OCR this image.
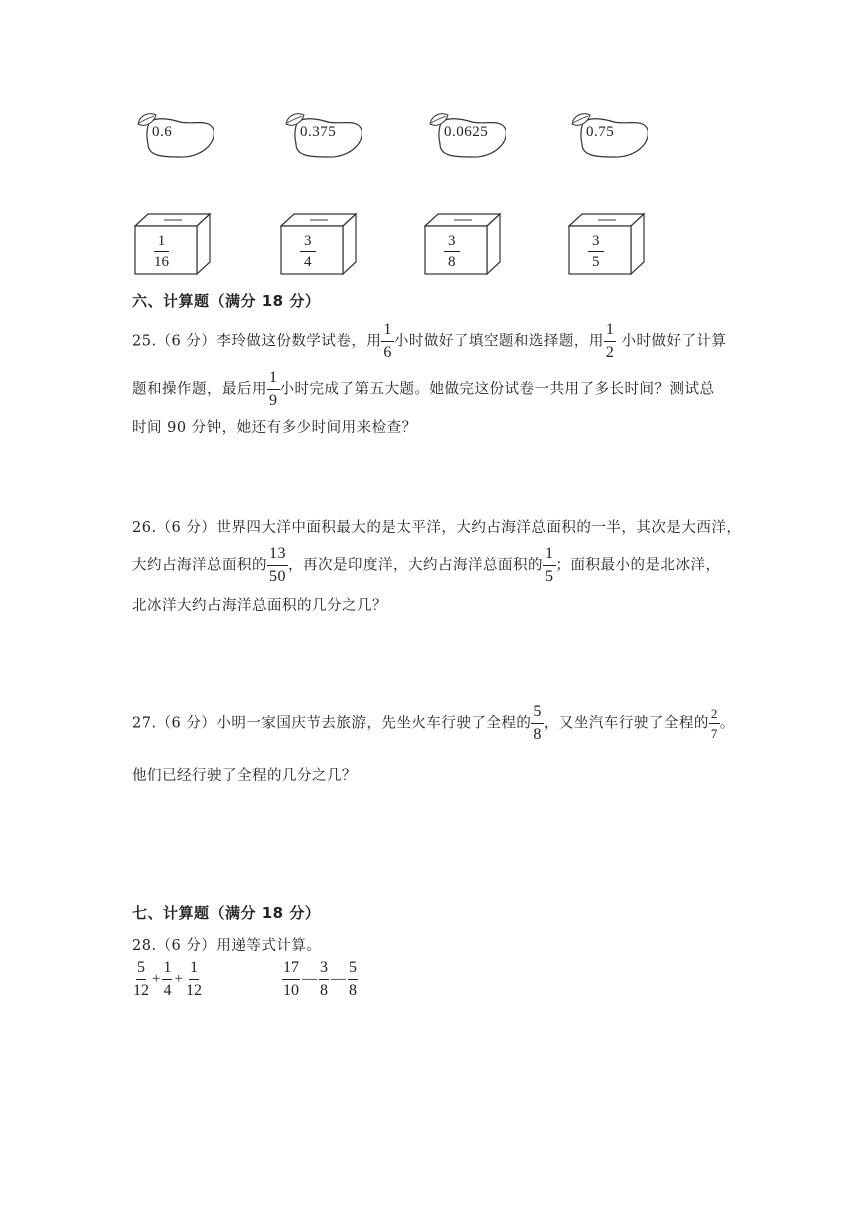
0.6	0.375	0.0625	0.75
$\frac{1}{16}$	$\frac{3}{4}$	$\frac{3}{8}$	$\frac{3}{5}$
六、计算题（满分 18 分）
25.（6 分）李玲做这份数学试卷，用 $\frac{1}{6}$ 小时做好了填空题和选择题，用 $\frac{1}{2}$ 小时做好了计算
题和操作题，最后用 $\frac{1}{9}$ 小时完成了第五大题。她做完这份试卷一共用了多长时间？测试总
时间 90 分钟，她还有多少时间用来检查？
26.（6 分）世界四大洋中面积最大的是太平洋，大约占海洋总面积的一半，其次是大西洋，
大约占海洋总面积的 $\frac{13}{50}$ ，再次是印度洋，大约占海洋总面积的 $\frac{1}{5}$ ；面积最小的是北冰洋，
北冰洋大约占海洋总面积的几分之几？
27.（6 分）小明一家国庆节去旅游，先坐火车行驶了全程的 $\frac{5}{8}$ ，又坐汽车行驶了全程的 $\frac{2}{7}$ 。
他们已经行驶了全程的几分之几？
七、计算题（满分 18 分）
28.（6 分）用递等式计算。
$\frac{5}{12} + \frac{1}{4} + \frac{1}{12}$	$\frac{17}{10}$ — $\frac{3}{8}$ — $\frac{5}{8}$
